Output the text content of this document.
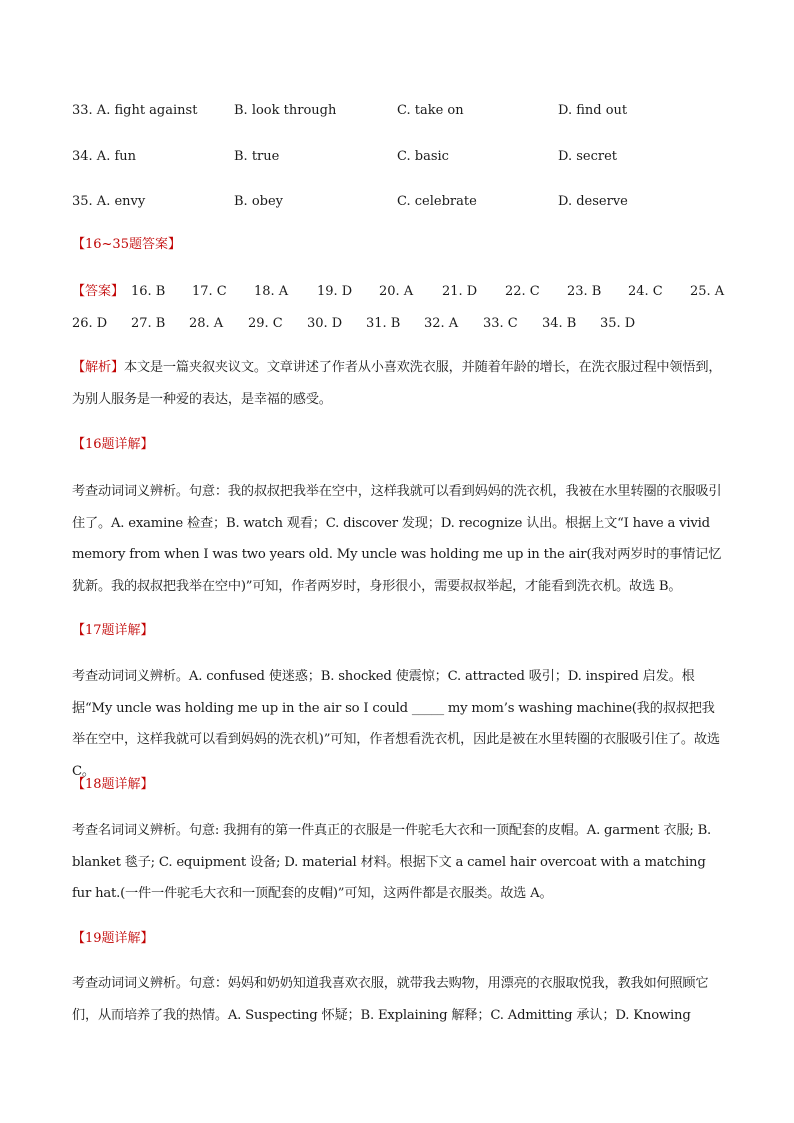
33. A. fight against	B. look through	C. take on	D. find out
34. A. fun	B. true	C. basic	D. secret
35. A. envy	B. obey	C. celebrate	D. deserve
【16~35题答案】
【答案】 16. B 17. C 18. A 19. D 20. A 21. D 22. C 23. B 24. C 25. A
26. D 27. B 28. A 29. C 30. D 31. B 32. A 33. C 34. B 35. D

【解析】本文是一篇夹叙夹议文。文章讲述了作者从小喜欢洗衣服，并随着年龄的增长，在洗衣服过程中领悟到，为别人服务是一种爱的表达，是幸福的感受。

【16题详解】
考查动词词义辨析。句意：我的叔叔把我举在空中，这样我就可以看到妈妈的洗衣机，我被在水里转圈的衣服吸引住了。A. examine 检查；B. watch 观看；C. discover 发现；D. recognize 认出。根据上文“I have a vivid memory from when I was two years old. My uncle was holding me up in the air(我对两岁时的事情记忆犹新。我的叔叔把我举在空中)”可知，作者两岁时，身形很小，需要叔叔举起，才能看到洗衣机。故选 B。
【17题详解】
考查动词词义辨析。A. confused 使迷惑；B. shocked 使震惊；C. attracted 吸引；D. inspired 启发。根据“My uncle was holding me up in the air so I could _____ my mom’s washing machine(我的叔叔把我举在空中，这样我就可以看到妈妈的洗衣机)”可知，作者想看洗衣机，因此是被在水里转圈的衣服吸引住了。故选 C。
【18题详解】
考查名词词义辨析。句意: 我拥有的第一件真正的衣服是一件驼毛大衣和一顶配套的皮帽。A. garment 衣服; B. blanket 毯子; C. equipment 设备; D. material 材料。根据下文 a camel hair overcoat with a matching fur hat.(一件一件驼毛大衣和一顶配套的皮帽)”可知，这两件都是衣服类。故选 A。
【19题详解】
考查动词词义辨析。句意：妈妈和奶奶知道我喜欢衣服，就带我去购物，用漂亮的衣服取悦我，教我如何照顾它们，从而培养了我的热情。A. Suspecting 怀疑；B. Explaining 解释；C. Admitting 承认；D. Knowing
